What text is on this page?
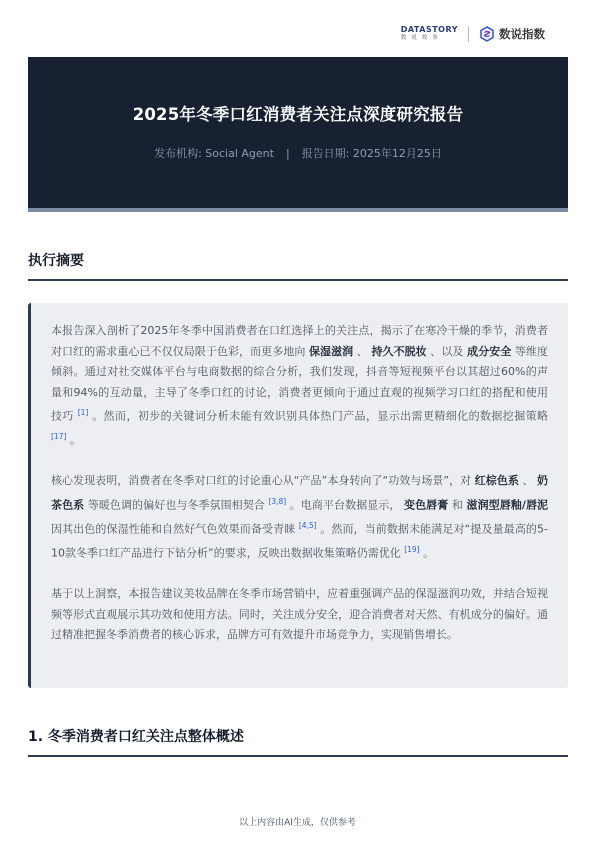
DATASTORY
数说故事	数说指数
2025年冬季口红消费者关注点深度研究报告
发布机构: Social Agent | 报告日期: 2025年12月25日
执行摘要

本报告深入剖析了2025年冬季中国消费者在口红选择上的关注点，揭示了在寒冷干燥的季节，消费者对口红的需求重心已不仅仅局限于色彩，而更多地向 保湿滋润 、 持久不脱妆 、以及 成分安全 等维度倾斜。通过对社交媒体平台与电商数据的综合分析，我们发现，抖音等短视频平台以其超过60%的声量和94%的互动量，主导了冬季口红的讨论，消费者更倾向于通过直观的视频学习口红的搭配和使用技巧 [1] 。然而，初步的关键词分析未能有效识别具体热门产品，显示出需更精细化的数据挖掘策略 [17] 。

核心发现表明，消费者在冬季对口红的讨论重心从“产品”本身转向了“功效与场景”，对 红棕色系 、 奶茶色系 等暖色调的偏好也与冬季氛围相契合 [3,8] 。电商平台数据显示， 变色唇膏 和 滋润型唇釉/唇泥 因其出色的保湿性能和自然好气色效果而备受青睐 [4,5] 。然而，当前数据未能满足对“提及量最高的5-10款冬季口红产品进行下钻分析”的要求，反映出数据收集策略仍需优化 [19] 。

基于以上洞察，本报告建议美妆品牌在冬季市场营销中，应着重强调产品的保湿滋润功效，并结合短视频等形式直观展示其功效和使用方法。同时，关注成分安全，迎合消费者对天然、有机成分的偏好。通过精准把握冬季消费者的核心诉求，品牌方可有效提升市场竞争力，实现销售增长。

1. 冬季消费者口红关注点整体概述
以上内容由AI生成，仅供参考
